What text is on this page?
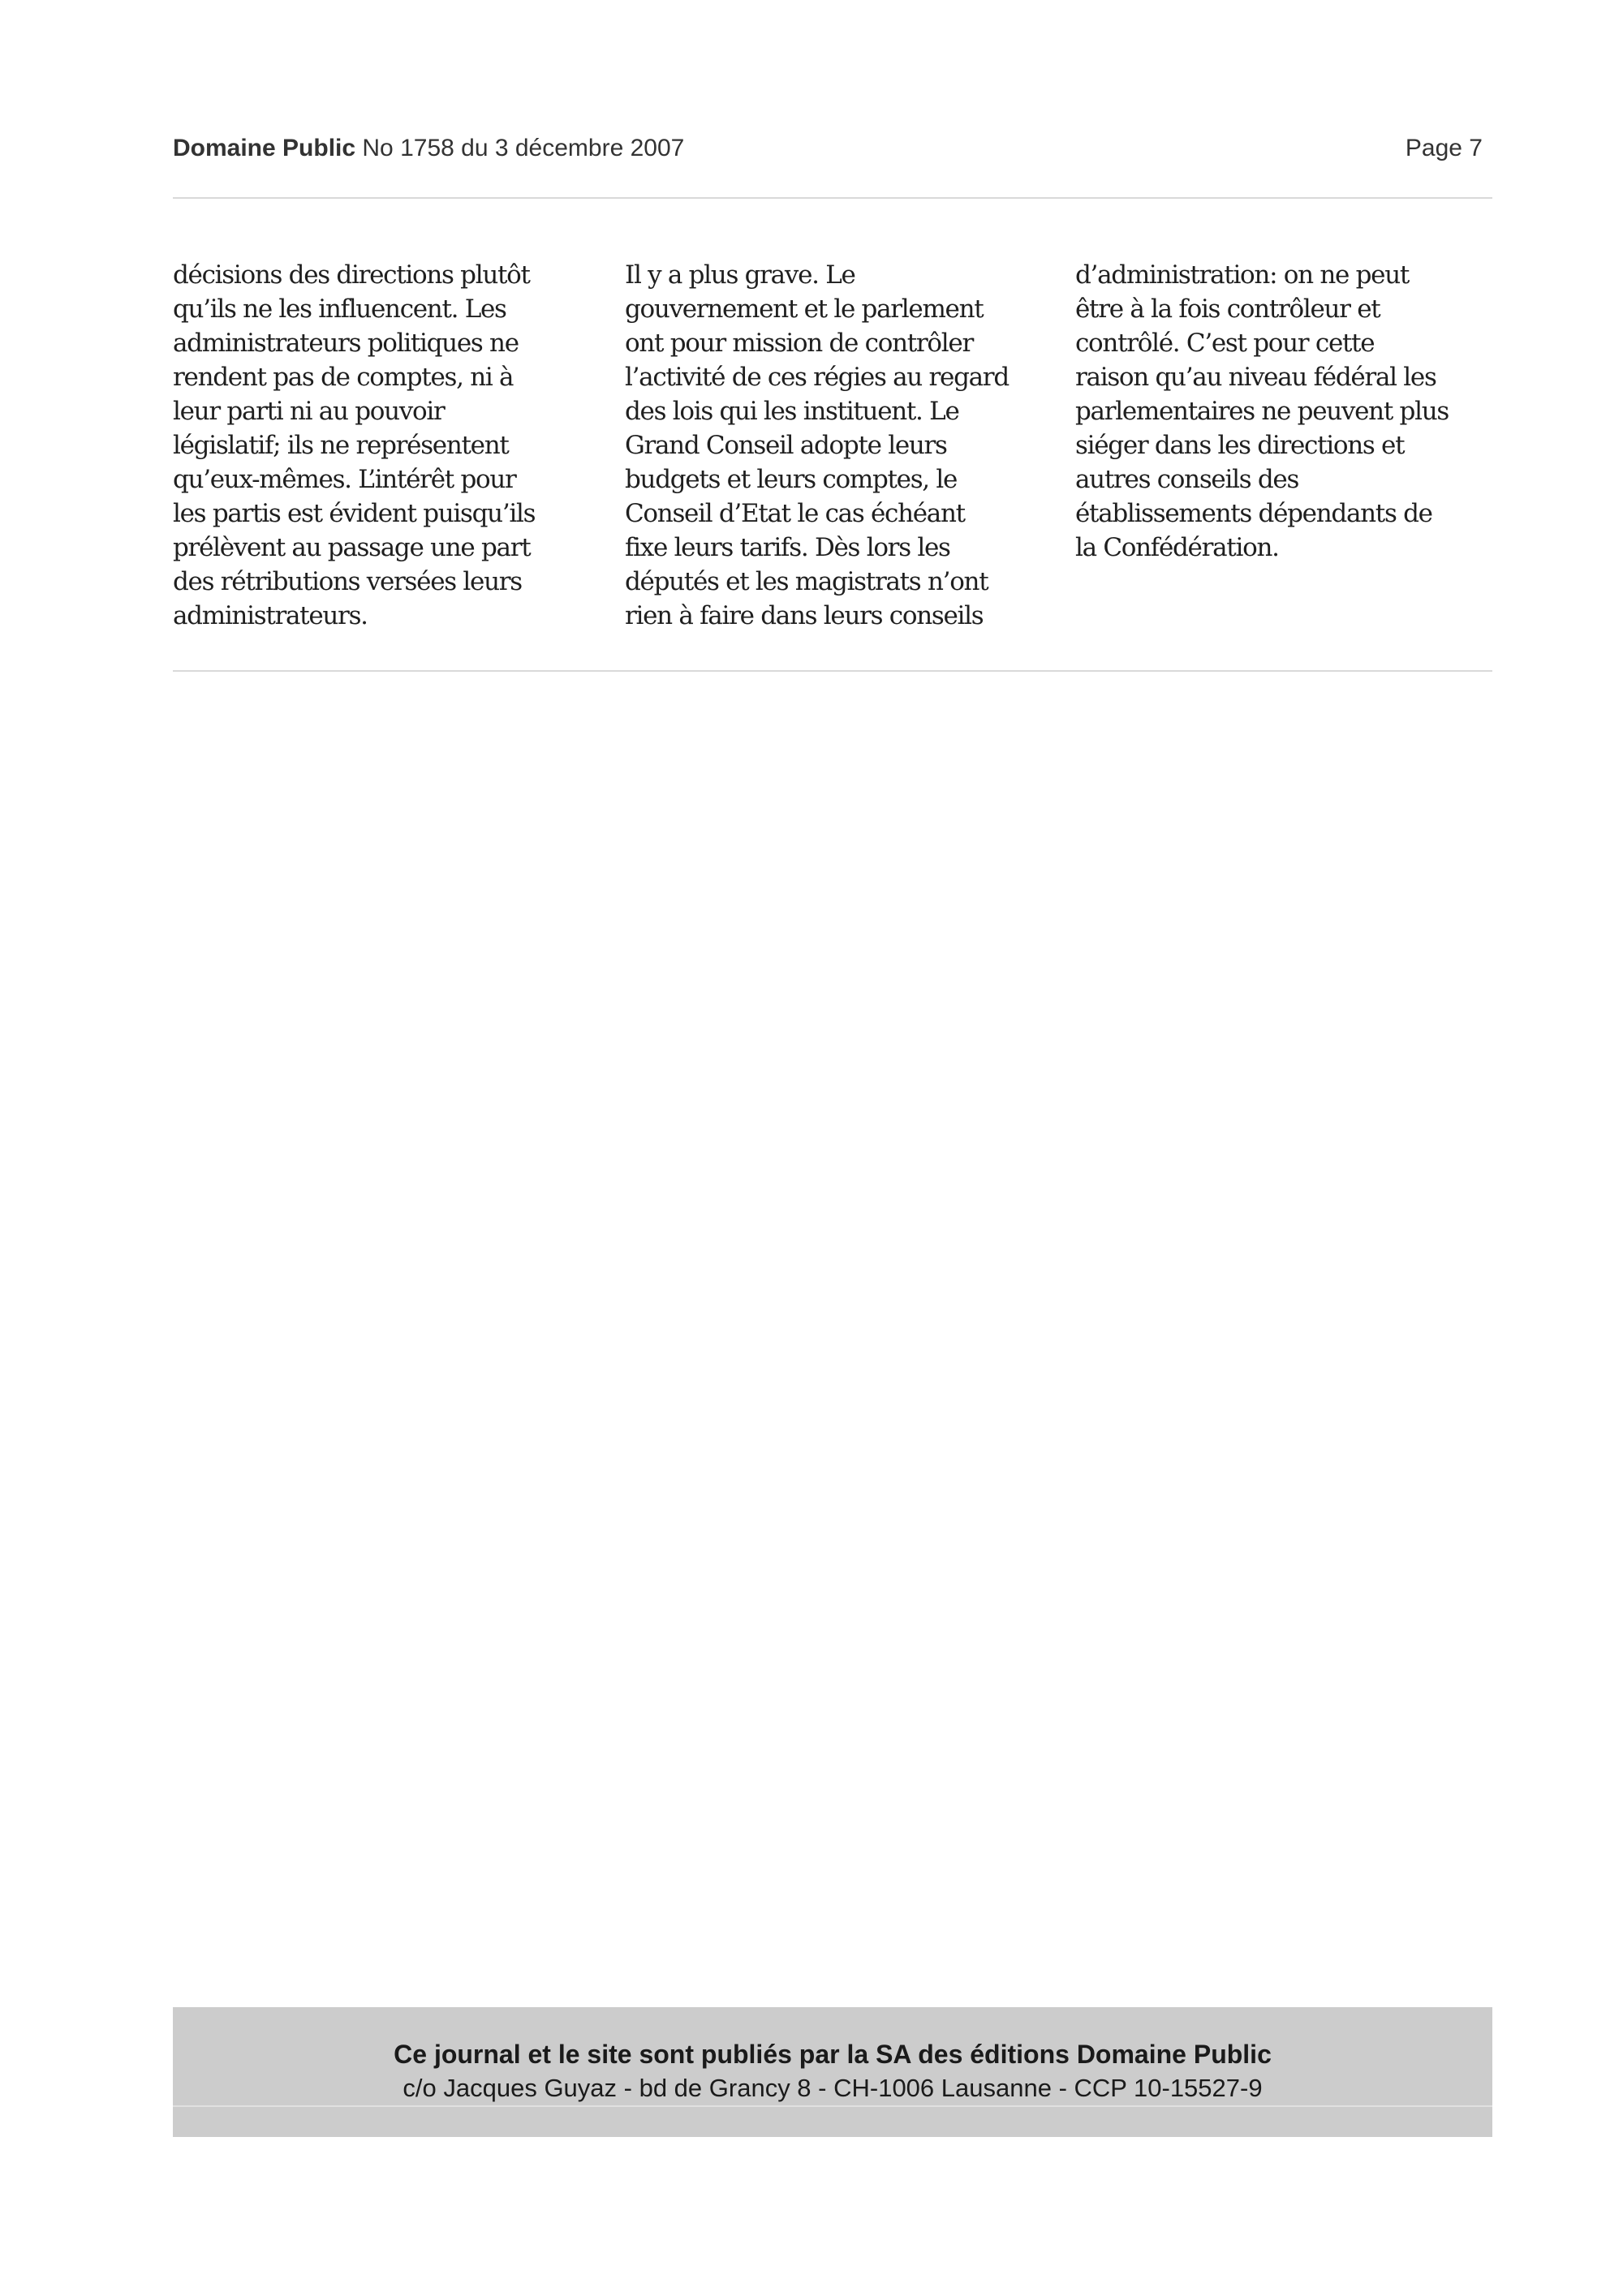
Domaine Public No 1758 du 3 décembre 2007	Page 7
décisions des directions plutôt
qu’ils ne les influencent. Les
administrateurs politiques ne
rendent pas de comptes, ni à
leur parti ni au pouvoir
législatif; ils ne représentent
qu’eux-mêmes. L’intérêt pour
les partis est évident puisqu’ils
prélèvent au passage une part
des rétributions versées leurs
administrateurs.
Il y a plus grave. Le
gouvernement et le parlement
ont pour mission de contrôler
l’activité de ces régies au regard
des lois qui les instituent. Le
Grand Conseil adopte leurs
budgets et leurs comptes, le
Conseil d’Etat le cas échéant
fixe leurs tarifs. Dès lors les
députés et les magistrats n’ont
rien à faire dans leurs conseils
d’administration: on ne peut
être à la fois contrôleur et
contrôlé. C’est pour cette
raison qu’au niveau fédéral les
parlementaires ne peuvent plus
siéger dans les directions et
autres conseils des
établissements dépendants de
la Confédération.
Ce journal et le site sont publiés par la SA des éditions Domaine Public
c/o Jacques Guyaz - bd de Grancy 8 - CH-1006 Lausanne - CCP 10-15527-9
